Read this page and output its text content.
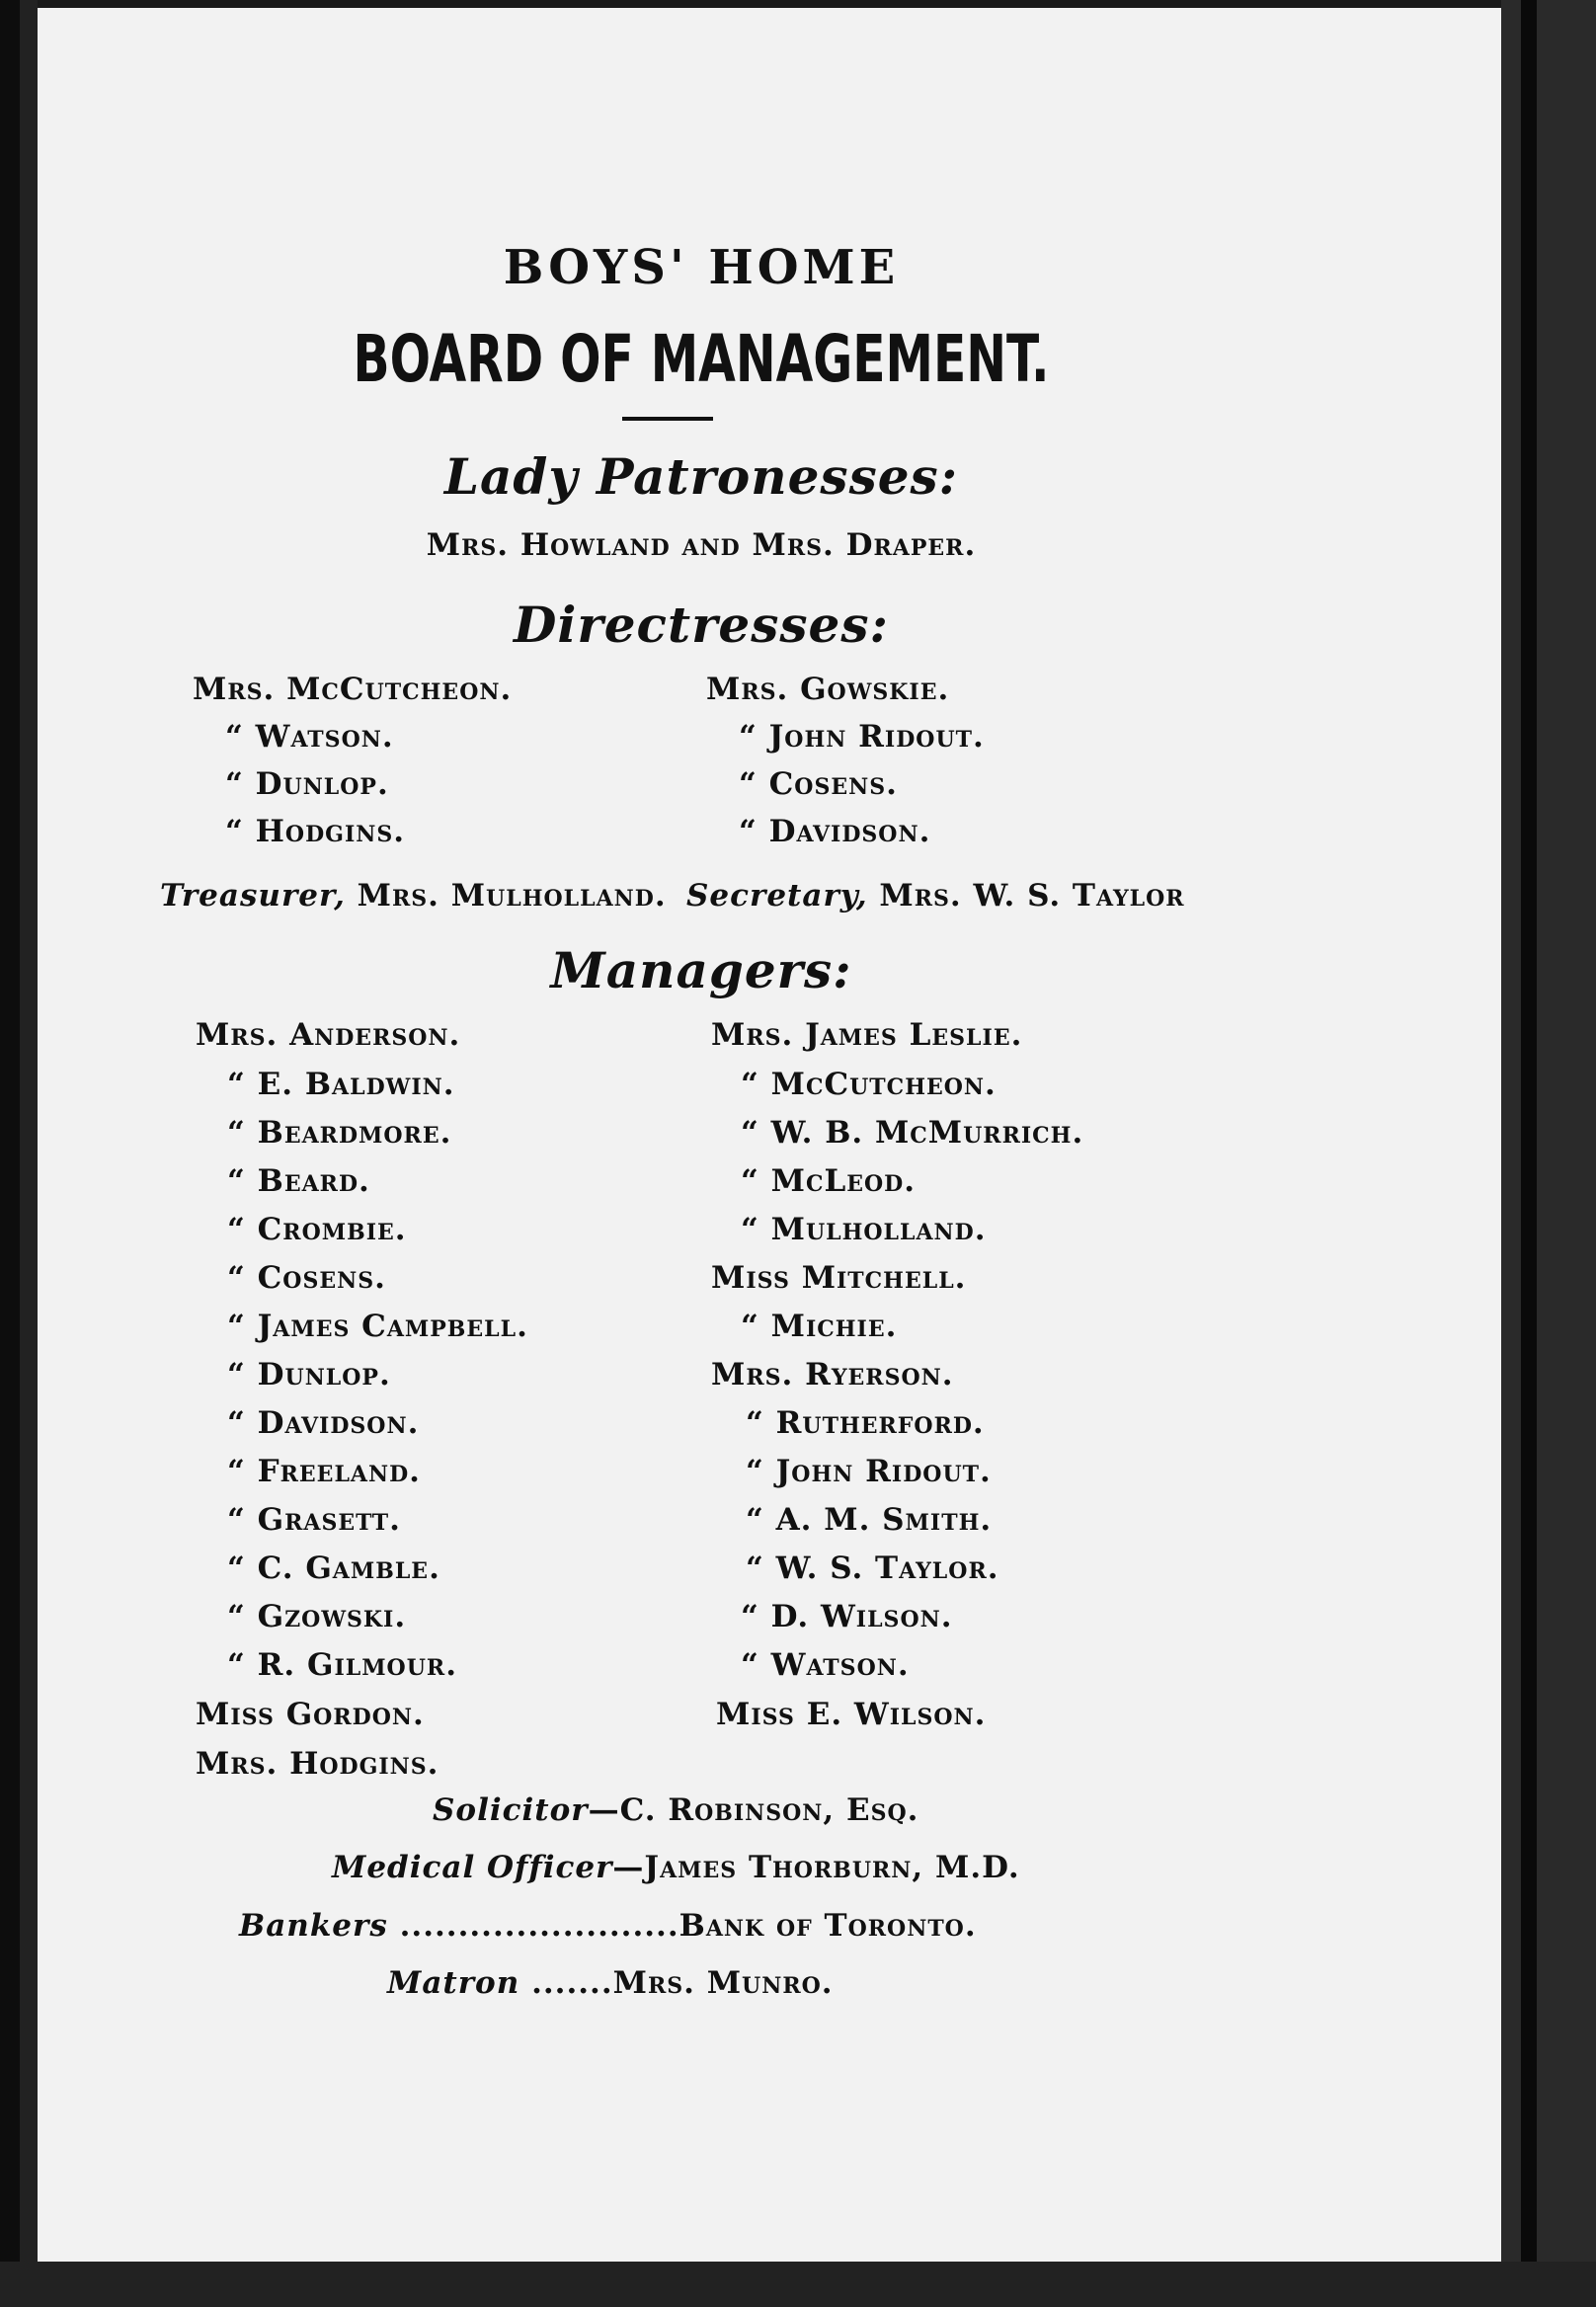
BOYS' HOME
BOARD OF MANAGEMENT.
Lady Patronesses:
Mrs. Howland and Mrs. Draper.
Directresses:
Mrs. McCutcheon.
“ Watson.
“ Dunlop.
“ Hodgins.
Mrs. Gowskie.
“ John Ridout.
“ Cosens.
“ Davidson.
Treasurer, Mrs. Mulholland. Secretary, Mrs. W. S. Taylor
Managers:
Mrs. Anderson.
“ E. Baldwin.
“ Beardmore.
“ Beard.
“ Crombie.
“ Cosens.
“ James Campbell.
“ Dunlop.
“ Davidson.
“ Freeland.
“ Grasett.
“ C. Gamble.
“ Gzowski.
“ R. Gilmour.
Miss Gordon.
Mrs. Hodgins.
Mrs. James Leslie.
“ McCutcheon.
“ W. B. McMurrich.
“ McLeod.
“ Mulholland.
Miss Mitchell.
“ Michie.
Mrs. Ryerson.
“ Rutherford.
“ John Ridout.
“ A. M. Smith.
“ W. S. Taylor.
“ D. Wilson.
“ Watson.
Miss E. Wilson.
Solicitor—C. Robinson, Esq.
Medical Officer—James Thorburn, M.D.
Bankers ........................Bank of Toronto.
Matron .......Mrs. Munro.
